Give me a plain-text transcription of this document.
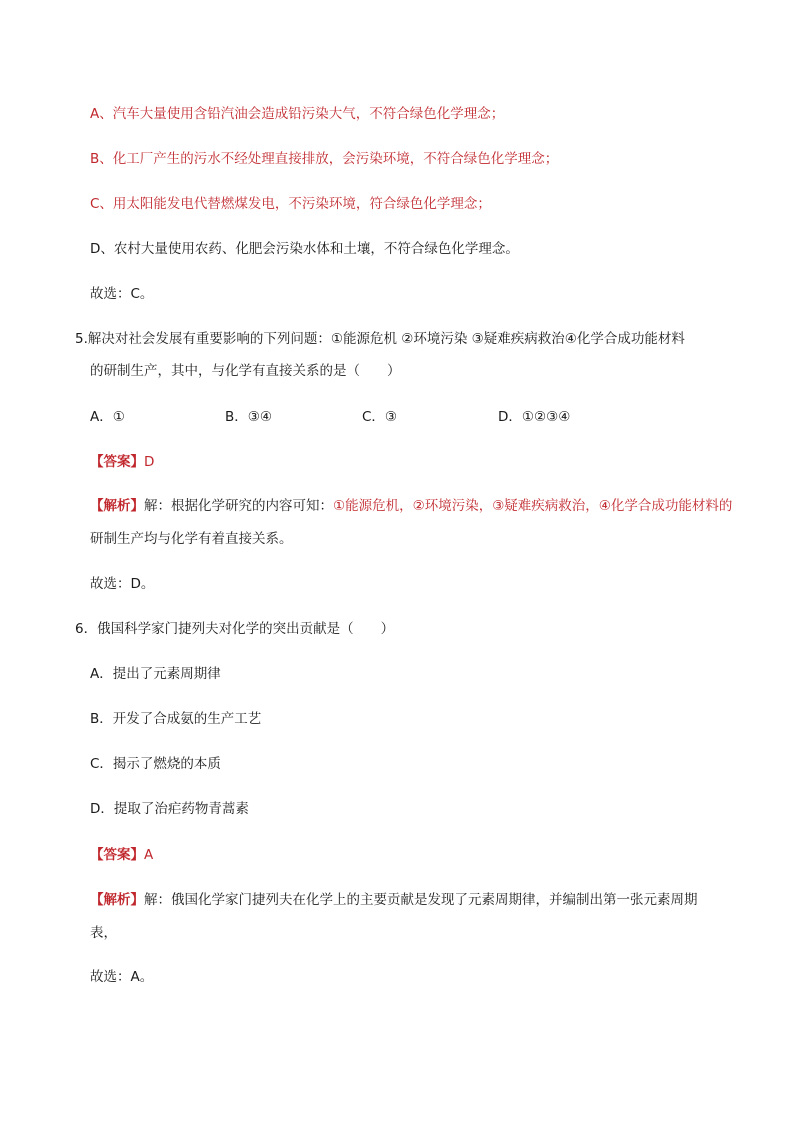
A、汽车大量使用含铅汽油会造成铅污染大气，不符合绿色化学理念；
B、化工厂产生的污水不经处理直接排放，会污染环境，不符合绿色化学理念；
C、用太阳能发电代替燃煤发电，不污染环境，符合绿色化学理念；
D、农村大量使用农药、化肥会污染水体和土壤，不符合绿色化学理念。
故选：C。
5.解决对社会发展有重要影响的下列问题：①能源危机 ②环境污染 ③疑难疾病救治④化学合成功能材料
的研制生产，其中，与化学有直接关系的是（　　）
A．①	B．③④	C．③	D．①②③④
【答案】D
【解析】解：根据化学研究的内容可知：①能源危机，②环境污染，③疑难疾病救治，④化学合成功能材料的
研制生产均与化学有着直接关系。
故选：D。
6．俄国科学家门捷列夫对化学的突出贡献是（　　）
A．提出了元素周期律
B．开发了合成氨的生产工艺
C．揭示了燃烧的本质
D．提取了治疟药物青蒿素
【答案】A
【解析】解：俄国化学家门捷列夫在化学上的主要贡献是发现了元素周期律，并编制出第一张元素周期
表，
故选：A。
